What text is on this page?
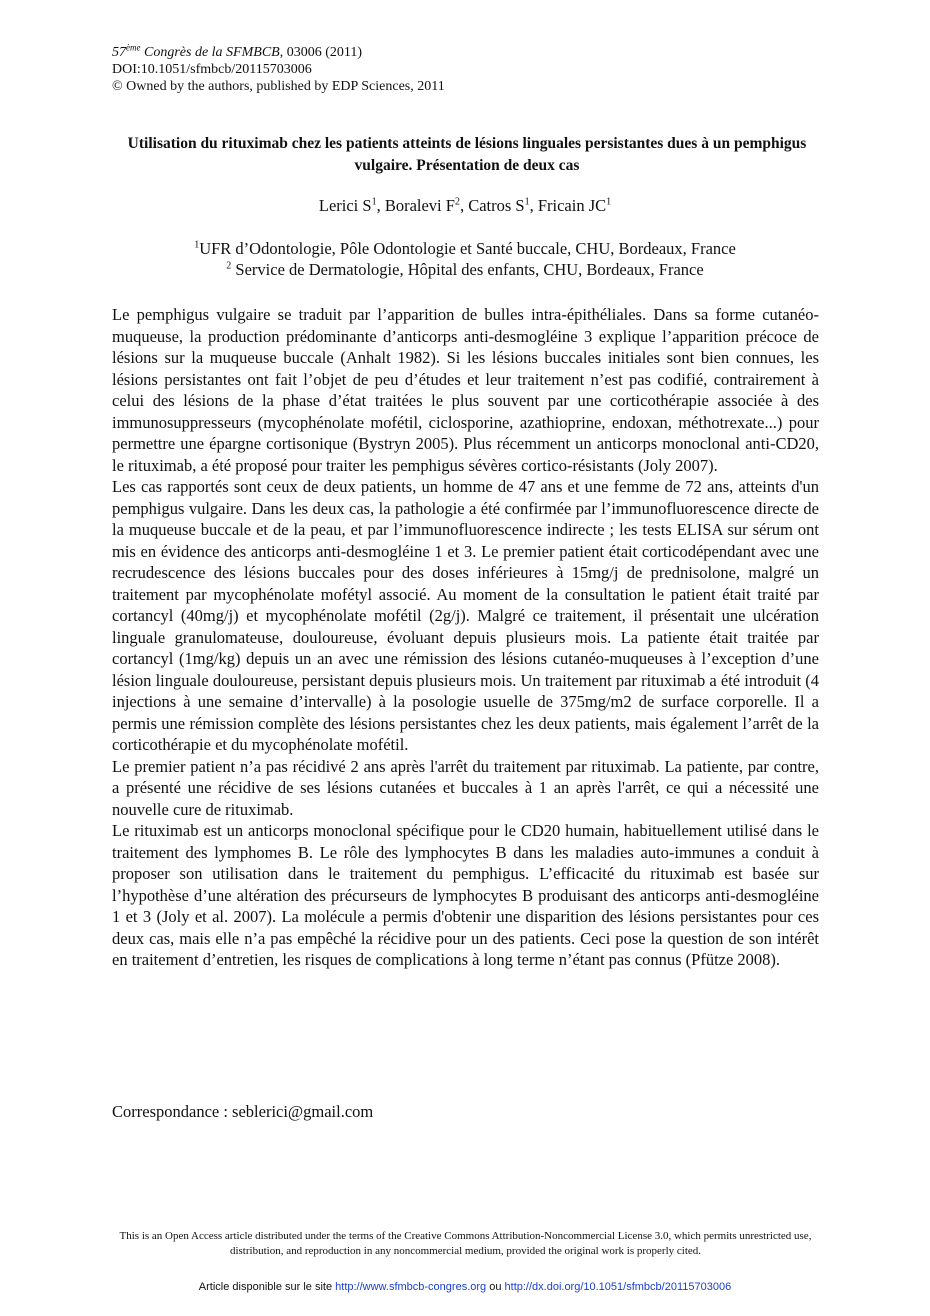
57ème Congrès de la SFMBCB, 03006 (2011)
DOI:10.1051/sfmbcb/20115703006
© Owned by the authors, published by EDP Sciences, 2011
Utilisation du rituximab chez les patients atteints de lésions linguales persistantes dues à un pemphigus vulgaire. Présentation de deux cas
Lerici $S^1$, Boralevi $F^2$, Catros $S^1$, Fricain $JC^1$
$^1$UFR d’Odontologie, Pôle Odontologie et Santé buccale, CHU, Bordeaux, France
$^2$ Service de Dermatologie, Hôpital des enfants, CHU, Bordeaux, France

Le pemphigus vulgaire se traduit par l’apparition de bulles intra-épithéliales. Dans sa forme cutanéo-muqueuse, la production prédominante d’anticorps anti-desmogléine 3 explique l’apparition précoce de lésions sur la muqueuse buccale (Anhalt 1982). Si les lésions buccales initiales sont bien connues, les lésions persistantes ont fait l’objet de peu d’études et leur traitement n’est pas codifié, contrairement à celui des lésions de la phase d’état traitées le plus souvent par une corticothérapie associée à des immunosuppresseurs (mycophénolate mofétil, ciclosporine, azathioprine, endoxan, méthotrexate...) pour permettre une épargne cortisonique (Bystryn 2005). Plus récemment un anticorps monoclonal anti-CD20, le rituximab, a été proposé pour traiter les pemphigus sévères cortico-résistants (Joly 2007).

Les cas rapportés sont ceux de deux patients, un homme de 47 ans et une femme de 72 ans, atteints d'un pemphigus vulgaire. Dans les deux cas, la pathologie a été confirmée par l’immunofluorescence directe de la muqueuse buccale et de la peau, et par l’immunofluorescence indirecte ; les tests ELISA sur sérum ont mis en évidence des anticorps anti-desmogléine 1 et 3. Le premier patient était corticodépendant avec une recrudescence des lésions buccales pour des doses inférieures à 15mg/j de prednisolone, malgré un traitement par mycophénolate mofétyl associé. Au moment de la consultation le patient était traité par cortancyl (40mg/j) et mycophénolate mofétil (2g/j). Malgré ce traitement, il présentait une ulcération linguale granulomateuse, douloureuse, évoluant depuis plusieurs mois. La patiente était traitée par cortancyl (1mg/kg) depuis un an avec une rémission des lésions cutanéo-muqueuses à l’exception d’une lésion linguale douloureuse, persistant depuis plusieurs mois. Un traitement par rituximab a été introduit (4 injections à une semaine d’intervalle) à la posologie usuelle de 375mg/m2 de surface corporelle. Il a permis une rémission complète des lésions persistantes chez les deux patients, mais également l’arrêt de la corticothérapie et du mycophénolate mofétil.

Le premier patient n’a pas récidivé 2 ans après l'arrêt du traitement par rituximab. La patiente, par contre, a présenté une récidive de ses lésions cutanées et buccales à 1 an après l'arrêt, ce qui a nécessité une nouvelle cure de rituximab.

Le rituximab est un anticorps monoclonal spécifique pour le CD20 humain, habituellement utilisé dans le traitement des lymphomes B. Le rôle des lymphocytes B dans les maladies auto-immunes a conduit à proposer son utilisation dans le traitement du pemphigus. L’efficacité du rituximab est basée sur l’hypothèse d’une altération des précurseurs de lymphocytes B produisant des anticorps anti-desmogléine 1 et 3 (Joly et al. 2007). La molécule a permis d'obtenir une disparition des lésions persistantes pour ces deux cas, mais elle n’a pas empêché la récidive pour un des patients. Ceci pose la question de son intérêt en traitement d’entretien, les risques de complications à long terme n’étant pas connus (Pfütze 2008).

Correspondance : seblerici@gmail.com
This is an Open Access article distributed under the terms of the Creative Commons Attribution-Noncommercial License 3.0, which permits unrestricted use, distribution, and reproduction in any noncommercial medium, provided the original work is properly cited.
Article disponible sur le site http://www.sfmbcb-congres.org ou http://dx.doi.org/10.1051/sfmbcb/20115703006
